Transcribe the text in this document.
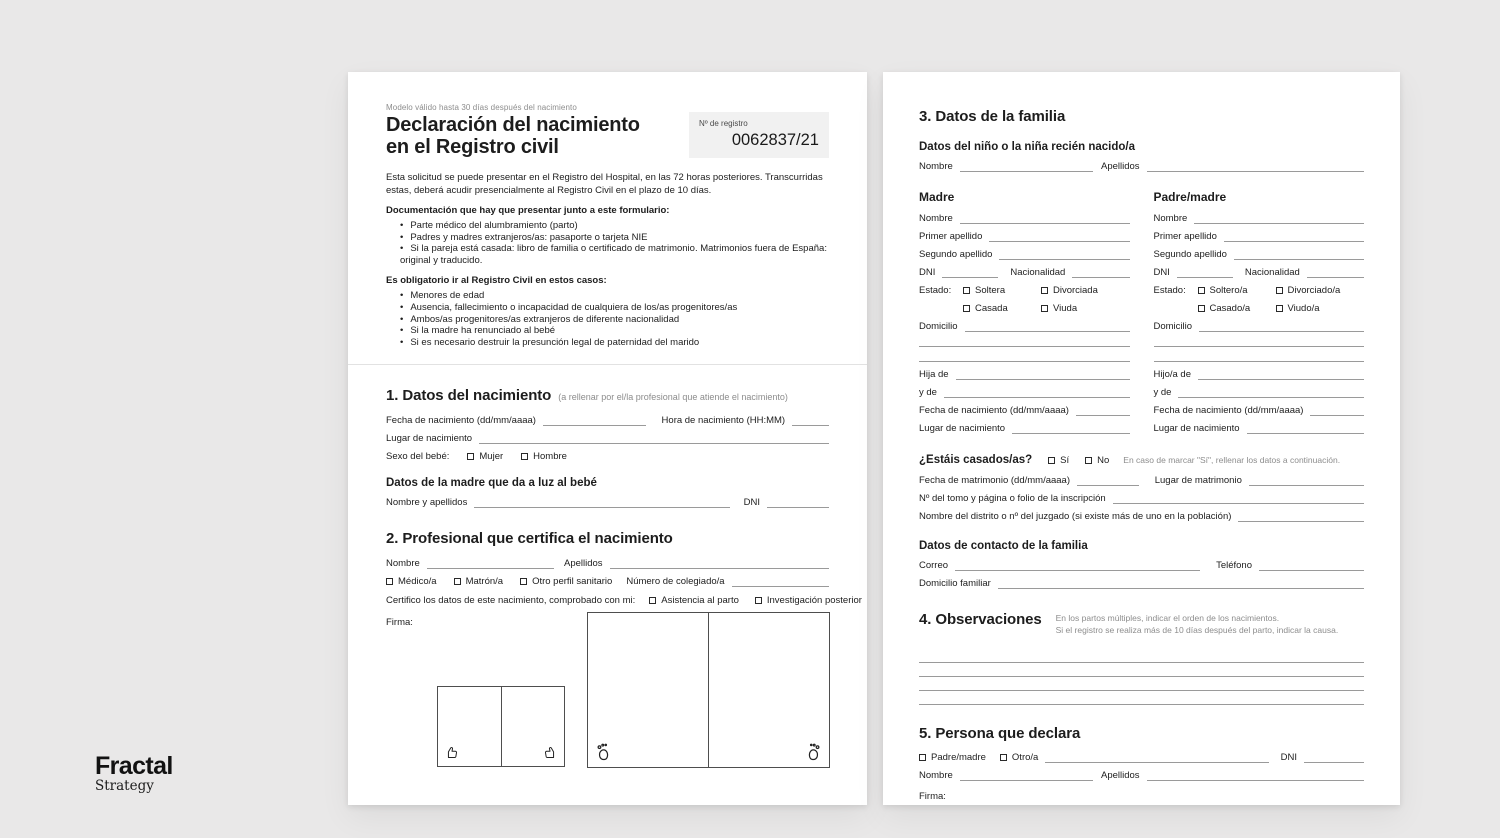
Modelo válido hasta 30 días después del nacimiento
Declaración del nacimiento
en el Registro civil
Nº de registro
0062837/21

Esta solicitud se puede presentar en el Registro del Hospital, en las 72 horas posteriores. Transcurridas estas, deberá acudir presencialmente al Registro Civil en el plazo de 10 días.

Documentación que hay que presentar junto a este formulario:
• Parte médico del alumbramiento (parto)
• Padres y madres extranjeros/as: pasaporte o tarjeta NIE
• Si la pareja está casada: libro de familia o certificado de matrimonio. Matrimonios fuera de España: original y traducido.
Es obligatorio ir al Registro Civil en estos casos:
• Menores de edad
• Ausencia, fallecimiento o incapacidad de cualquiera de los/as progenitores/as
• Ambos/as progenitores/as extranjeros de diferente nacionalidad
• Si la madre ha renunciado al bebé
• Si es necesario destruir la presunción legal de paternidad del marido
1. Datos del nacimiento (a rellenar por el/la profesional que atiende el nacimiento)
Fecha de nacimiento (dd/mm/aaaa)	Hora de nacimiento (HH:MM)
Lugar de nacimiento
Sexo del bebé:	Mujer	Hombre
Datos de la madre que da a luz al bebé
Nombre y apellidos	DNI
2. Profesional que certifica el nacimiento
Nombre	Apellidos
Médico/a	Matrón/a	Otro perfil sanitario Número de colegiado/a
Certifico los datos de este nacimiento, comprobado con mi:	Asistencia al parto	Investigación posterior
Firma:
3. Datos de la familia
Datos del niño o la niña recién nacido/a
Nombre	Apellidos
Madre
Nombre
Primer apellido
Segundo apellido
DNI	Nacionalidad
Estado:	Soltera	Divorciada
Casada	Viuda
Domicilio
Hija de
y de
Fecha de nacimiento (dd/mm/aaaa)
Lugar de nacimiento
Padre/madre
Nombre
Primer apellido
Segundo apellido
DNI	Nacionalidad
Estado:	Soltero/a	Divorciado/a
Casado/a	Viudo/a
Domicilio
Hijo/a de
y de
Fecha de nacimiento (dd/mm/aaaa)
Lugar de nacimiento
¿Estáis casados/as?	Sí	No En caso de marcar "Sí", rellenar los datos a continuación.
Fecha de matrimonio (dd/mm/aaaa)	Lugar de matrimonio
Nº del tomo y página o folio de la inscripción
Nombre del distrito o nº del juzgado (si existe más de uno en la población)
Datos de contacto de la familia
Correo	Teléfono
Domicilio familiar
4. Observaciones En los partos múltiples, indicar el orden de los nacimientos.
Si el registro se realiza más de 10 días después del parto, indicar la causa.
5. Persona que declara
Padre/madre	Otro/a	DNI
Nombre	Apellidos
Firma:
Fractal
Strategy
